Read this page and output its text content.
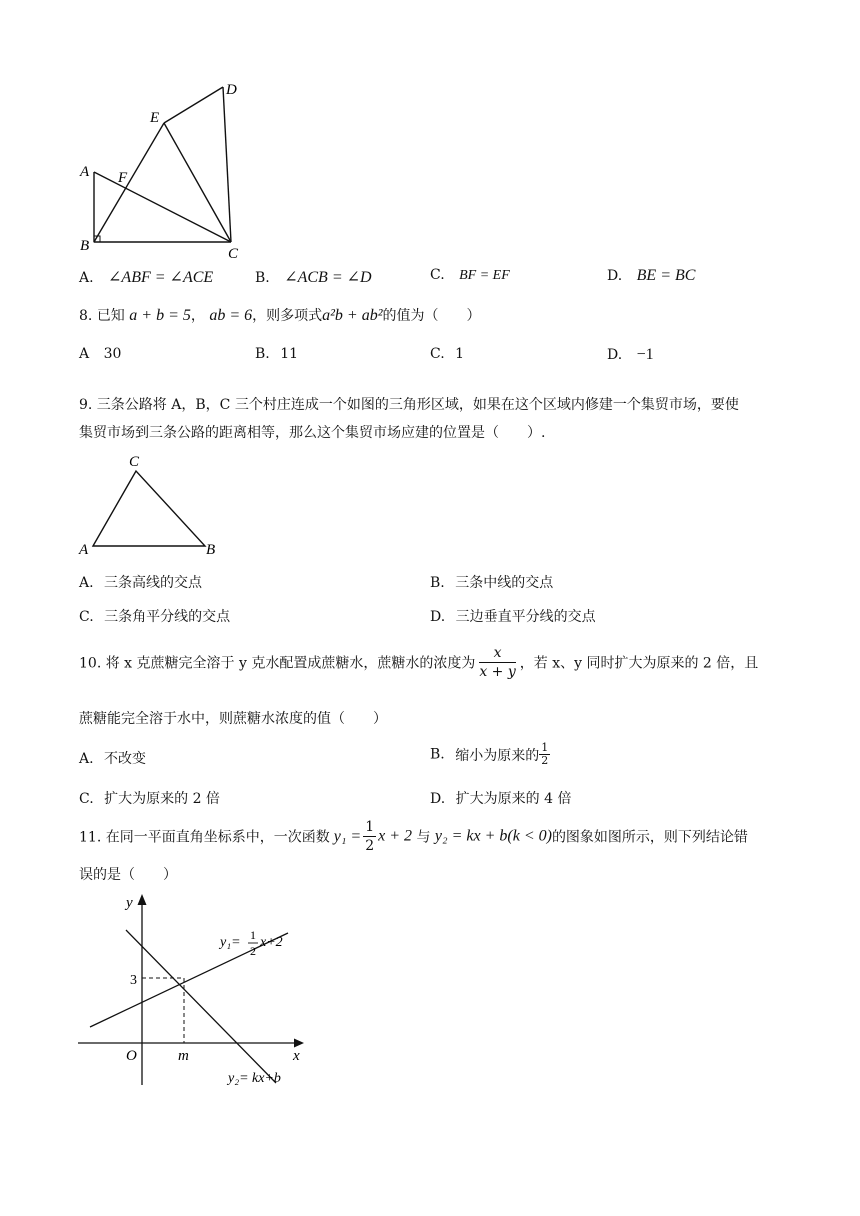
A
B	C
D
E
F
A. ∠ABF = ∠ACE	B. ∠ACB = ∠D	C. BF = EF	D. BE = BC
8. 已知 a + b = 5， ab = 6，则多项式a²b + ab²的值为（　　）
A 30	B. 11	C. 1	D. −1
9. 三条公路将 A，B，C 三个村庄连成一个如图的三角形区域，如果在这个区域内修建一个集贸市场，要使
集贸市场到三条公路的距离相等，那么这个集贸市场应建的位置是（　　）.
A	B
C
A. 三条高线的交点	B. 三条中线的交点
C. 三条角平分线的交点	D. 三边垂直平分线的交点
10. 将 x 克蔗糖完全溶于 y 克水配置成蔗糖水，蔗糖水的浓度为 $\frac{x}{x + y}$ ，若 x、y 同时扩大为原来的 2 倍，且
蔗糖能完全溶于水中，则蔗糖水浓度的值（　　）
A. 不改变	B. 缩小为原来的 $\frac{1}{2}$
C. 扩大为原来的 2 倍	D. 扩大为原来的 4 倍
11. 在同一平面直角坐标系中，一次函数 $y_1 = \frac{1}{2}$ x + 2 与 y₂ = kx + b(k < 0)的图象如图所示，则下列结论错
误的是（　　）
y
x
O
3
m
y₁= 1
2
x+2
y₂= kx+b
